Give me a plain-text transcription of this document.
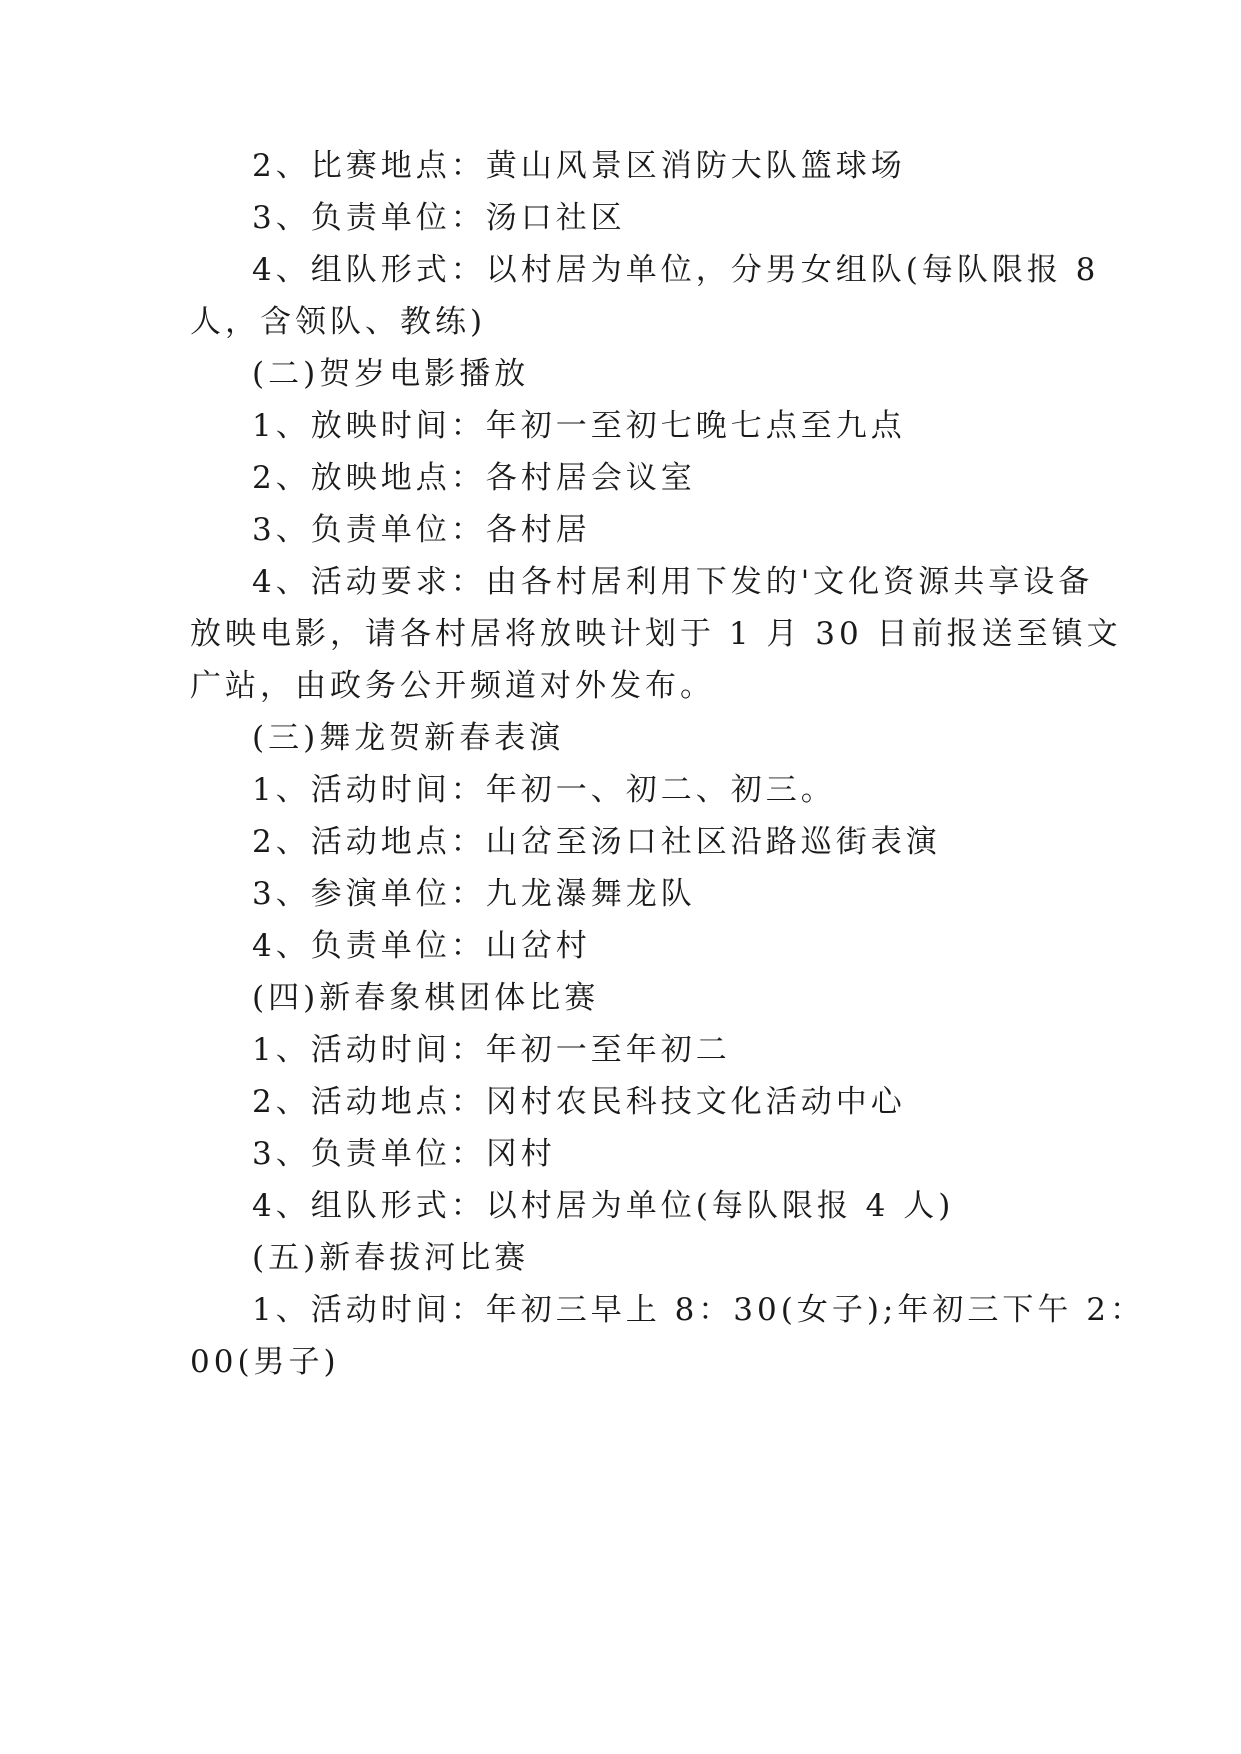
2、比赛地点：黄山风景区消防大队篮球场
3、负责单位：汤口社区
4、组队形式：以村居为单位，分男女组队(每队限报 8
人，含领队、教练)
(二)贺岁电影播放
1、放映时间：年初一至初七晚七点至九点
2、放映地点：各村居会议室
3、负责单位：各村居
4、活动要求：由各村居利用下发的'文化资源共享设备
放映电影，请各村居将放映计划于 1 月 30 日前报送至镇文
广站，由政务公开频道对外发布。
(三)舞龙贺新春表演
1、活动时间：年初一、初二、初三。
2、活动地点：山岔至汤口社区沿路巡街表演
3、参演单位：九龙瀑舞龙队
4、负责单位：山岔村
(四)新春象棋团体比赛
1、活动时间：年初一至年初二
2、活动地点：冈村农民科技文化活动中心
3、负责单位：冈村
4、组队形式：以村居为单位(每队限报 4 人)
(五)新春拔河比赛
1、活动时间：年初三早上 8：30(女子);年初三下午 2：
00(男子)
